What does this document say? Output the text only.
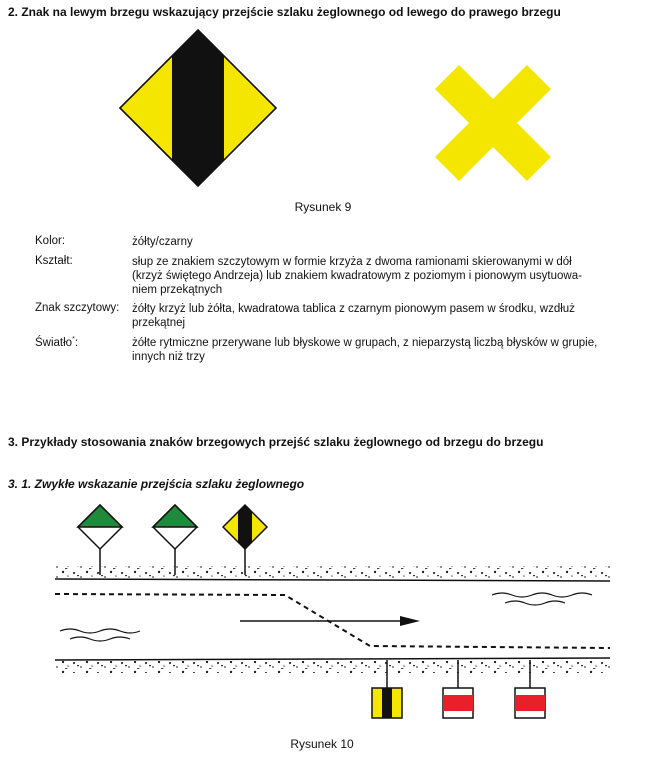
2. Znak na lewym brzegu wskazujący przejście szlaku żeglownego od lewego do prawego brzegu
Rysunek 9
Kolor:	żółty/czarny
Kształt:	słup ze znakiem szczytowym w formie krzyża z dwoma ramionami skierowanymi w dół
(krzyż świętego Andrzeja) lub znakiem kwadratowym z poziomym i pionowym usytuowa-
niem przekątnych
Znak szczytowy: żółty krzyż lub żółta, kwadratowa tablica z czarnym pionowym pasem w środku, wzdłuż
przekątnej
Światło*:	żółte rytmiczne przerywane lub błyskowe w grupach, z nieparzystą liczbą błysków w grupie,
innych niż trzy
3. Przykłady stosowania znaków brzegowych przejść szlaku żeglownego od brzegu do brzegu
3. 1. Zwykłe wskazanie przejścia szlaku żeglownego
Rysunek 10
